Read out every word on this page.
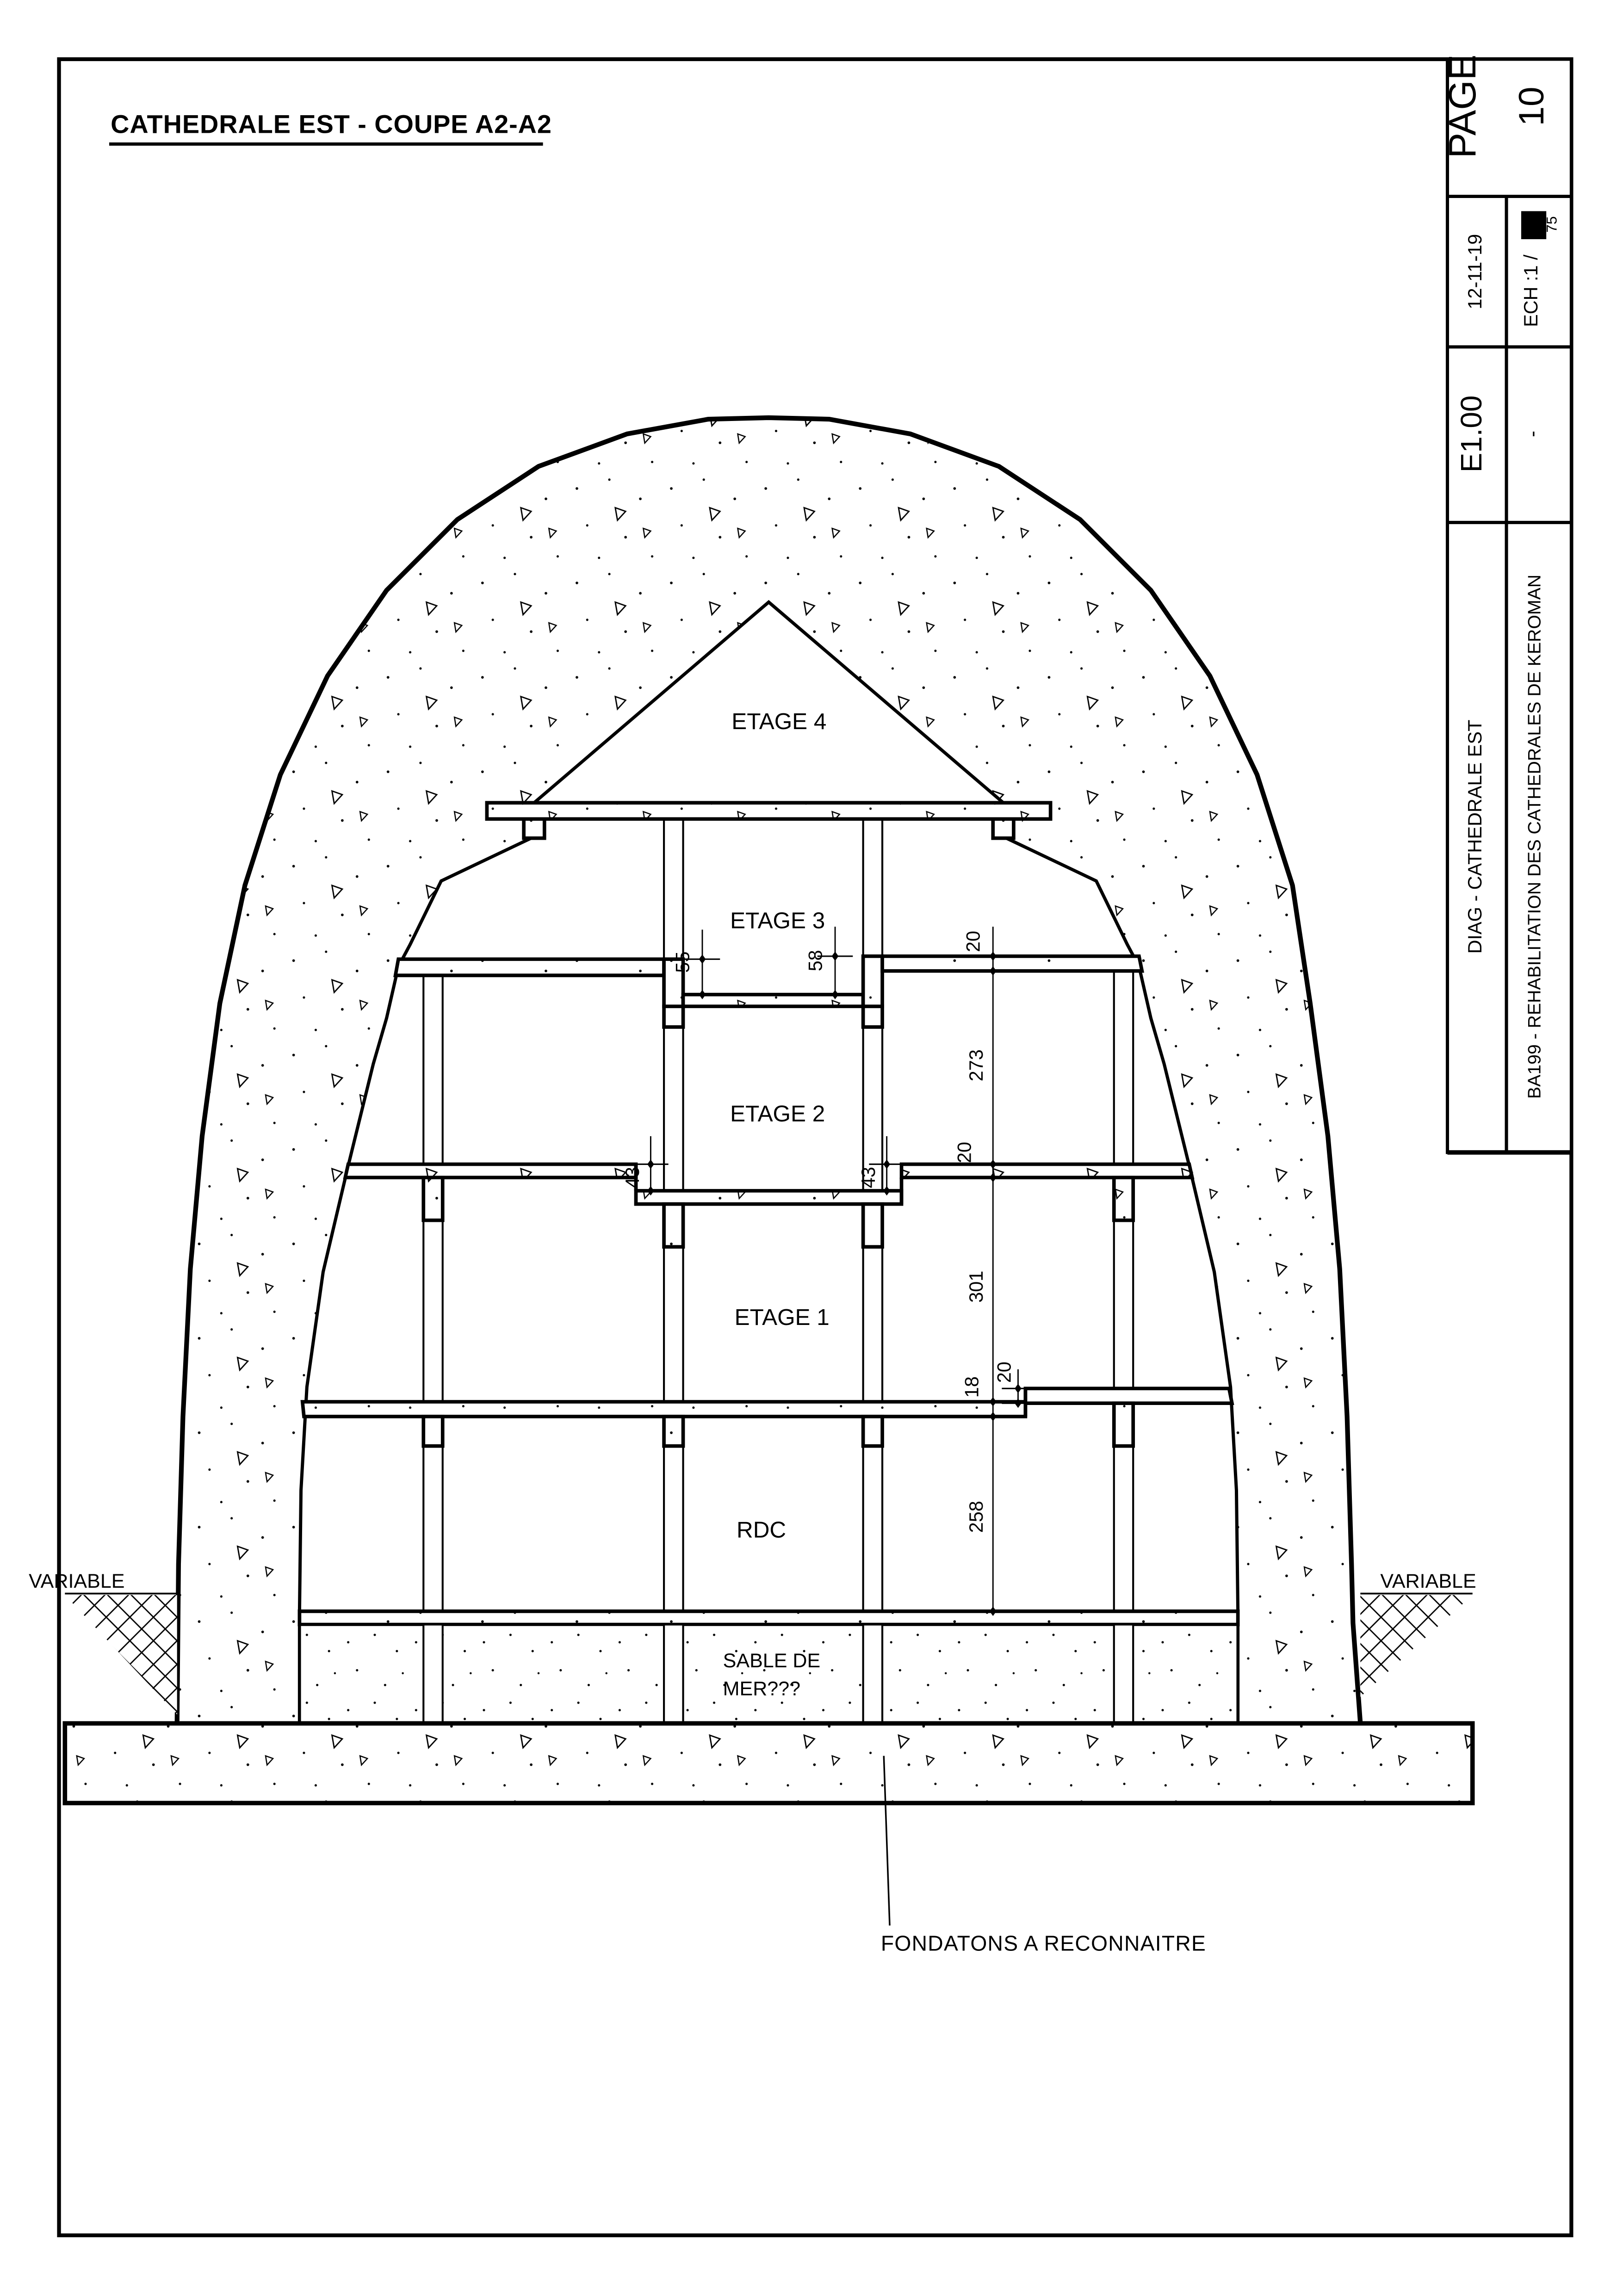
CATHEDRALE EST - COUPE A2-A2
SABLE DE
MER???
VARIABLE	VARIABLE
55	58
20
273
20
43	43
301
20
18
258
ETAGE 4
ETAGE 3
ETAGE 2
ETAGE 1
RDC
FONDATONS A RECONNAITRE
PAGE	10
12-11-19	ECH :1 /
75
E1.00	-
DIAG - CATHEDRALE EST	BA199 - REHABILITATION DES CATHEDRALES DE KEROMAN
